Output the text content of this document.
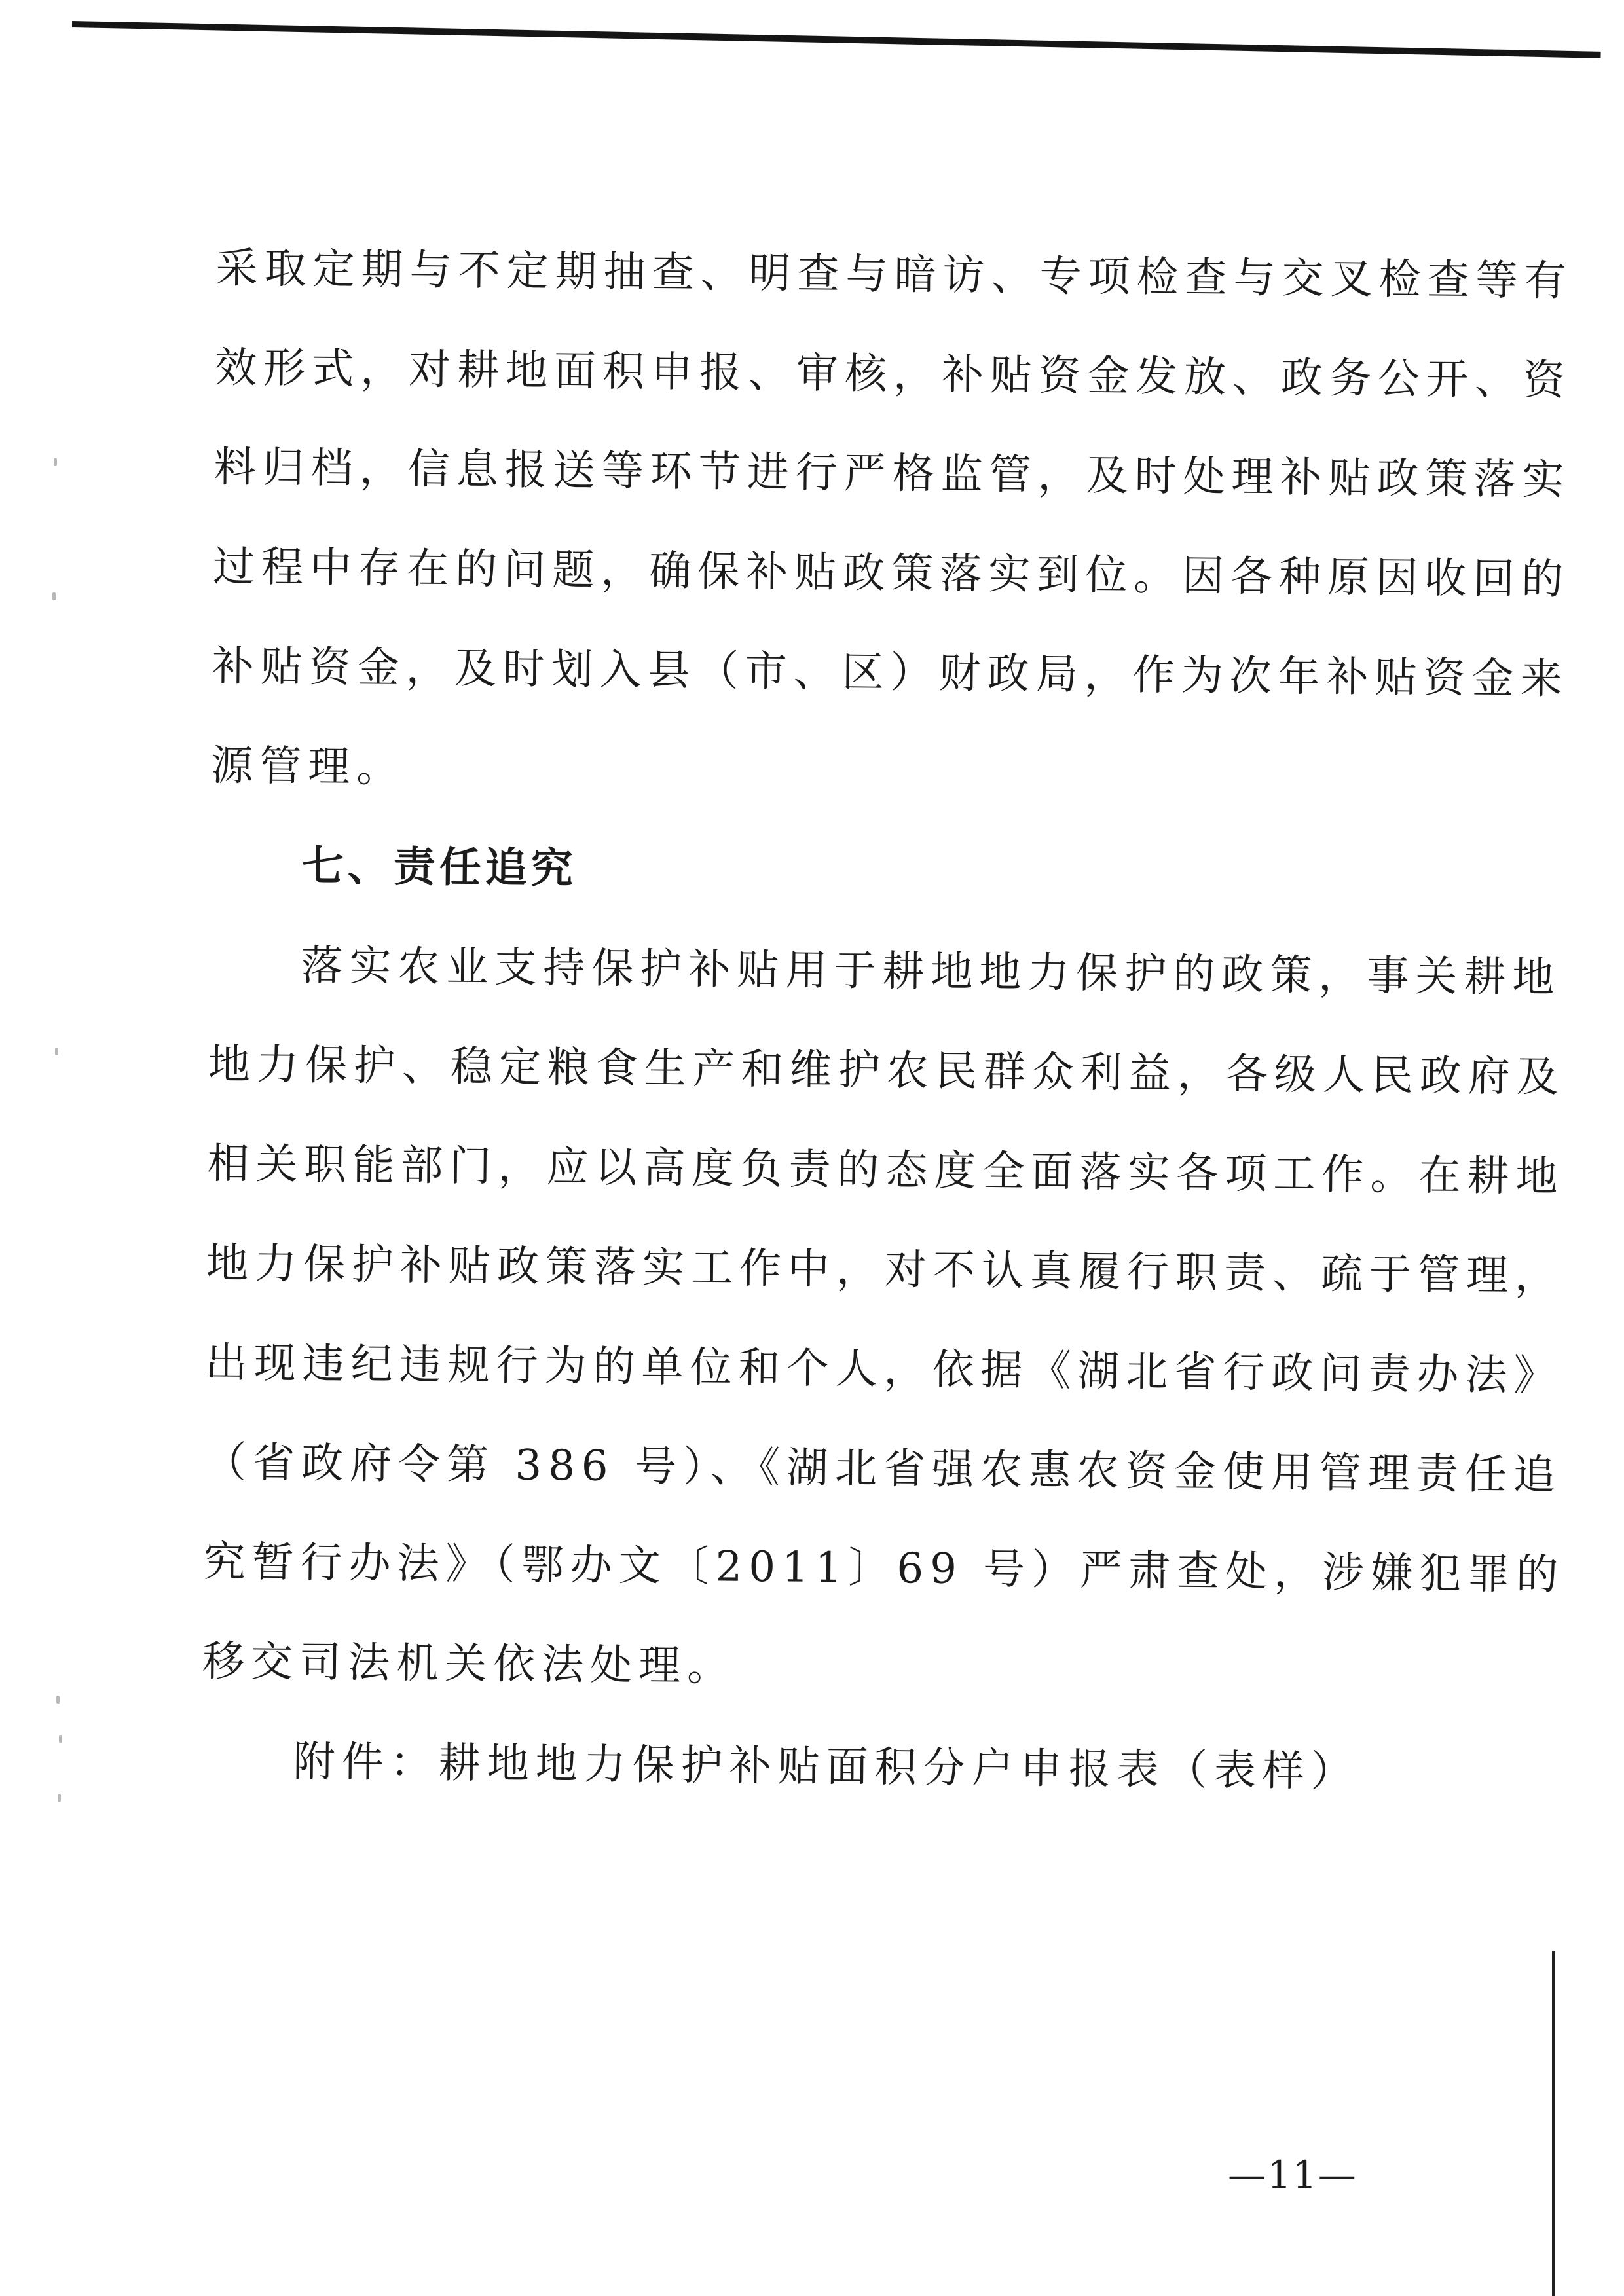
采取定期与不定期抽查、明查与暗访、专项检查与交叉检查等有

效形式，对耕地面积申报、审核，补贴资金发放、政务公开、资

料归档，信息报送等环节进行严格监管，及时处理补贴政策落实

过程中存在的问题，确保补贴政策落实到位。因各种原因收回的

补贴资金，及时划入县（市、区）财政局，作为次年补贴资金来

源管理。

七、责任追究

落实农业支持保护补贴用于耕地地力保护的政策，事关耕地

地力保护、稳定粮食生产和维护农民群众利益，各级人民政府及

相关职能部门，应以高度负责的态度全面落实各项工作。在耕地

地力保护补贴政策落实工作中，对不认真履行职责、疏于管理，

出现违纪违规行为的单位和个人，依据《湖北省行政问责办法》

（省政府令第 386 号）、《湖北省强农惠农资金使用管理责任追

究暂行办法》（鄂办文〔2011〕69 号）严肃查处，涉嫌犯罪的

移交司法机关依法处理。

附件：耕地地力保护补贴面积分户申报表（表样）

—11—
